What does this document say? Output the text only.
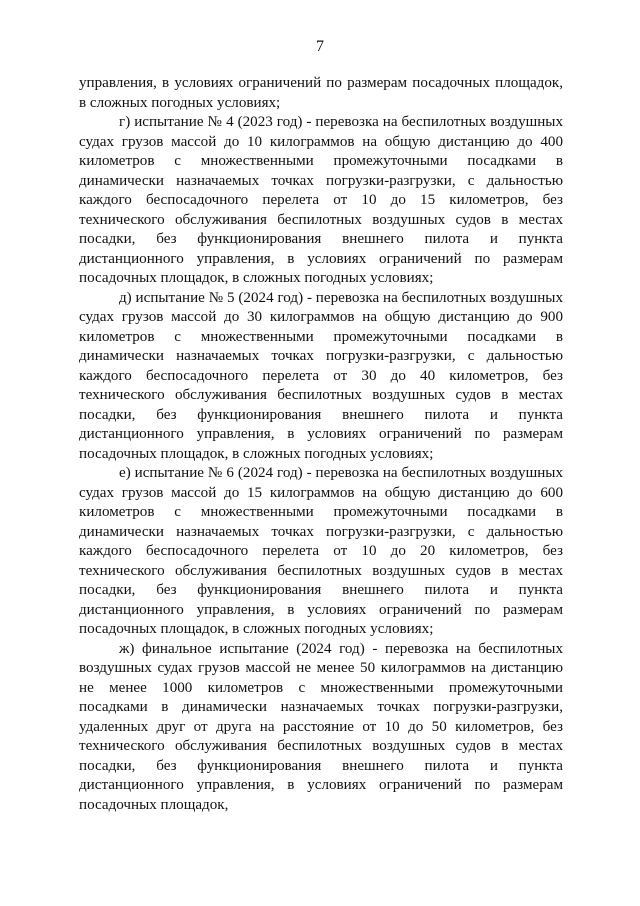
7

управления, в условиях ограничений по размерам посадочных площадок, в сложных погодных условиях;

г) испытание № 4 (2023 год) - перевозка на беспилотных воздушных судах грузов массой до 10 килограммов на общую дистанцию до 400 километров с множественными промежуточными посадками в динамически назначаемых точках погрузки-разгрузки, с дальностью каждого беспосадочного перелета от 10 до 15 километров, без технического обслуживания беспилотных воздушных судов в местах посадки, без функционирования внешнего пилота и пункта дистанционного управления, в условиях ограничений по размерам посадочных площадок, в сложных погодных условиях;

д) испытание № 5 (2024 год) - перевозка на беспилотных воздушных судах грузов массой до 30 килограммов на общую дистанцию до 900 километров с множественными промежуточными посадками в динамически назначаемых точках погрузки-разгрузки, с дальностью каждого беспосадочного перелета от 30 до 40 километров, без технического обслуживания беспилотных воздушных судов в местах посадки, без функционирования внешнего пилота и пункта дистанционного управления, в условиях ограничений по размерам посадочных площадок, в сложных погодных условиях;

е) испытание № 6 (2024 год) - перевозка на беспилотных воздушных судах грузов массой до 15 килограммов на общую дистанцию до 600 километров с множественными промежуточными посадками в динамически назначаемых точках погрузки-разгрузки, с дальностью каждого беспосадочного перелета от 10 до 20 километров, без технического обслуживания беспилотных воздушных судов в местах посадки, без функционирования внешнего пилота и пункта дистанционного управления, в условиях ограничений по размерам посадочных площадок, в сложных погодных условиях;

ж) финальное испытание (2024 год) - перевозка на беспилотных воздушных судах грузов массой не менее 50 килограммов на дистанцию не менее 1000 километров с множественными промежуточными посадками в динамически назначаемых точках погрузки-разгрузки, удаленных друг от друга на расстояние от 10 до 50 километров, без технического обслуживания беспилотных воздушных судов в местах посадки, без функционирования внешнего пилота и пункта дистанционного управления, в условиях ограничений по размерам посадочных площадок,
